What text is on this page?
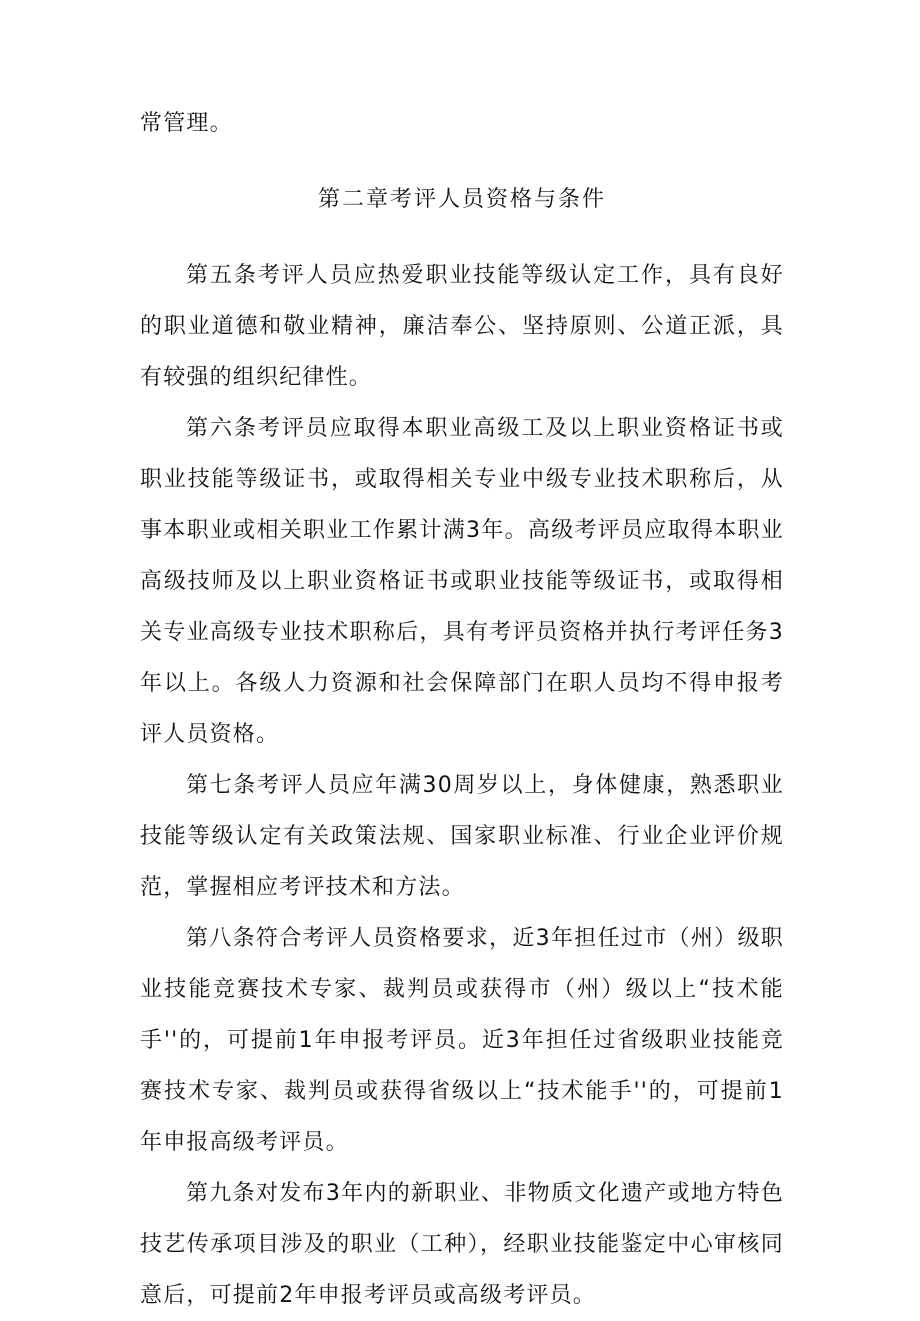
常管理。

第二章考评人员资格与条件

第五条考评人员应热爱职业技能等级认定工作，具有良好的职业道德和敬业精神，廉洁奉公、坚持原则、公道正派，具有较强的组织纪律性。

第六条考评员应取得本职业高级工及以上职业资格证书或职业技能等级证书，或取得相关专业中级专业技术职称后，从事本职业或相关职业工作累计满3年。高级考评员应取得本职业高级技师及以上职业资格证书或职业技能等级证书，或取得相关专业高级专业技术职称后，具有考评员资格并执行考评任务3年以上。各级人力资源和社会保障部门在职人员均不得申报考评人员资格。

第七条考评人员应年满30周岁以上，身体健康，熟悉职业技能等级认定有关政策法规、国家职业标准、行业企业评价规范，掌握相应考评技术和方法。

第八条符合考评人员资格要求，近3年担任过市（州）级职业技能竞赛技术专家、裁判员或获得市（州）级以上“技术能手''的，可提前1年申报考评员。近3年担任过省级职业技能竞赛技术专家、裁判员或获得省级以上“技术能手''的，可提前1年申报高级考评员。

第九条对发布3年内的新职业、非物质文化遗产或地方特色技艺传承项目涉及的职业（工种），经职业技能鉴定中心审核同意后，可提前2年申报考评员或高级考评员。
